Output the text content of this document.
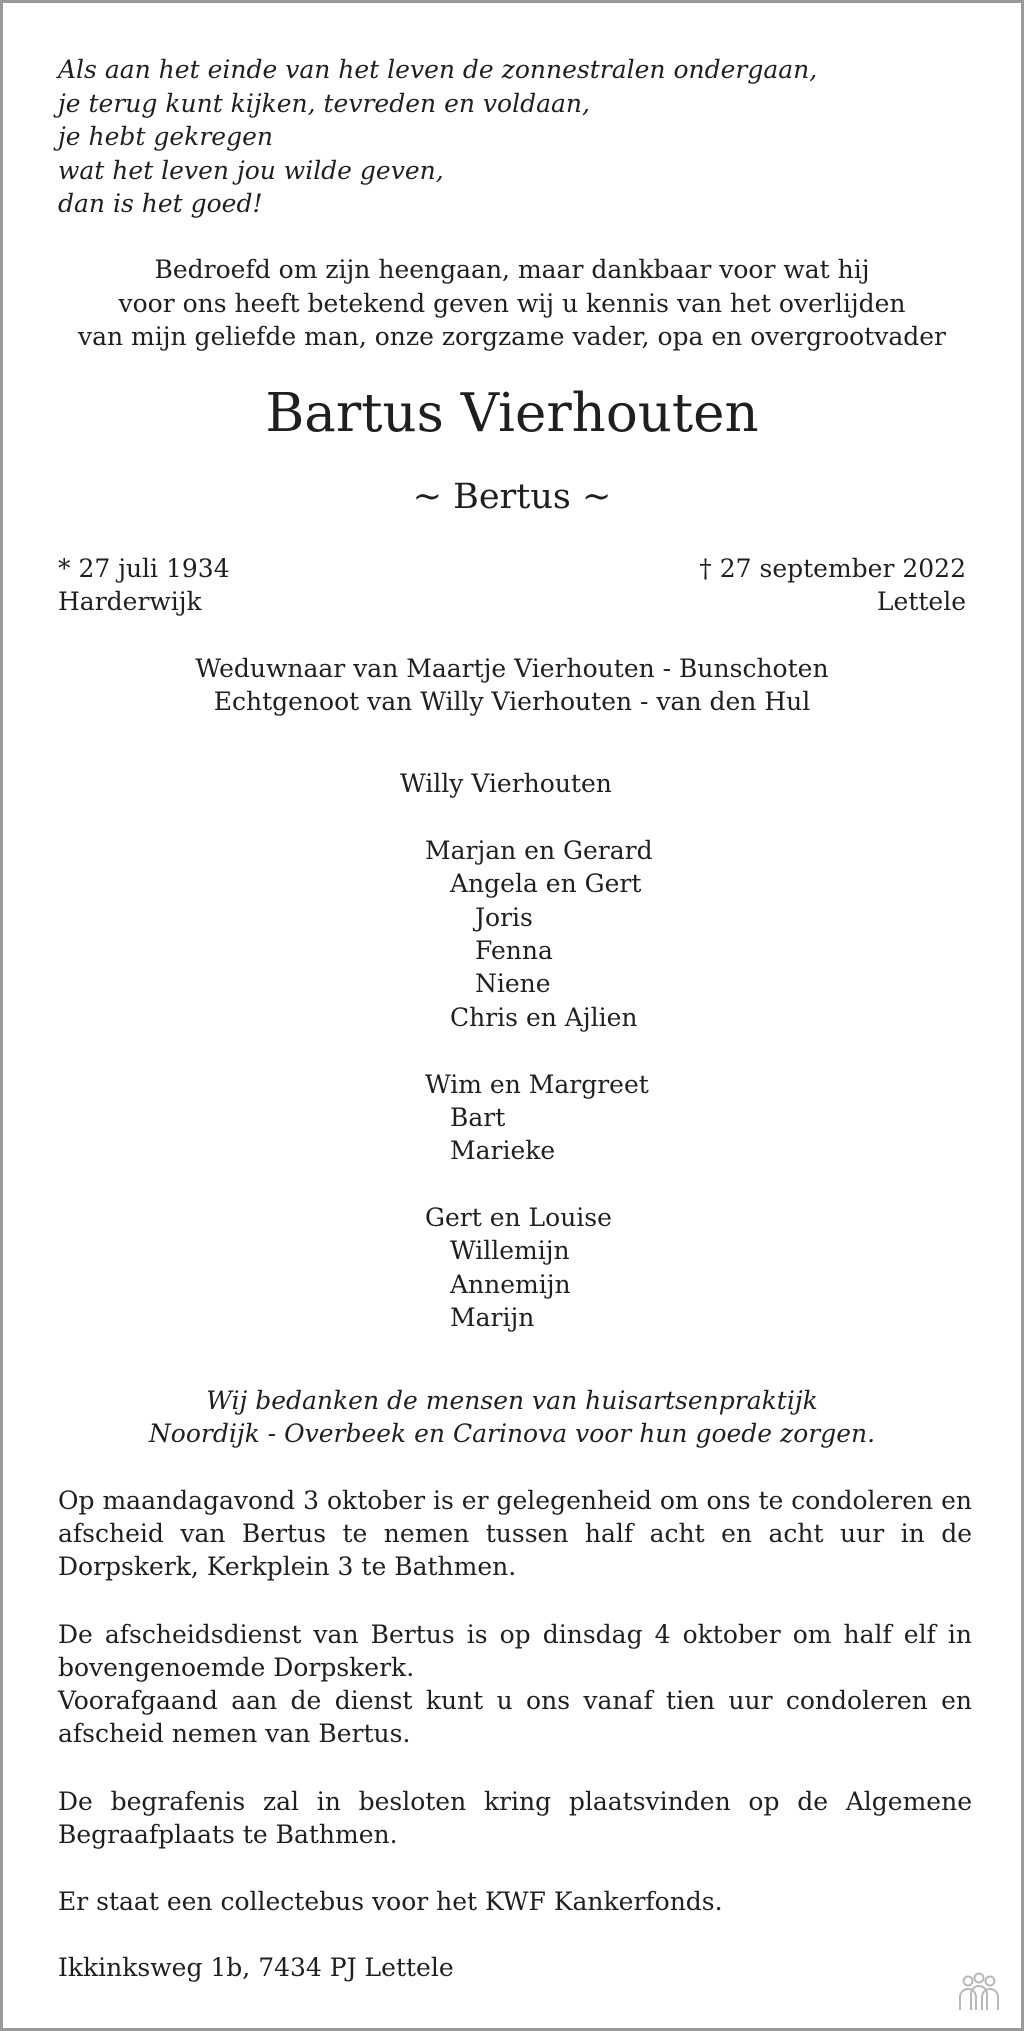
Als aan het einde van het leven de zonnestralen ondergaan,
je terug kunt kijken, tevreden en voldaan,
je hebt gekregen
wat het leven jou wilde geven,
dan is het goed!
Bedroefd om zijn heengaan, maar dankbaar voor wat hij
voor ons heeft betekend geven wij u kennis van het overlijden
van mijn geliefde man, onze zorgzame vader, opa en overgrootvader
Bartus Vierhouten
~ Bertus ~
* 27 juli 1934
Harderwijk
† 27 september 2022
Lettele
Weduwnaar van Maartje Vierhouten - Bunschoten
Echtgenoot van Willy Vierhouten - van den Hul
Willy Vierhouten
Marjan en Gerard
Angela en Gert
Joris
Fenna
Niene
Chris en Ajlien
Wim en Margreet
Bart
Marieke
Gert en Louise
Willemijn
Annemijn
Marijn
Wij bedanken de mensen van huisartsenpraktijk
Noordijk - Overbeek en Carinova voor hun goede zorgen.

Op maandagavond 3 oktober is er gelegenheid om ons te condoleren en afscheid van Bertus te nemen tussen half acht en acht uur in de Dorpskerk, Kerkplein 3 te Bathmen.

De afscheidsdienst van Bertus is op dinsdag 4 oktober om half elf in bovengenoemde Dorpskerk.

Voorafgaand aan de dienst kunt u ons vanaf tien uur condoleren en afscheid nemen van Bertus.

De begrafenis zal in besloten kring plaatsvinden op de Algemene Begraafplaats te Bathmen.

Er staat een collectebus voor het KWF Kankerfonds.

Ikkinksweg 1b, 7434 PJ Lettele
